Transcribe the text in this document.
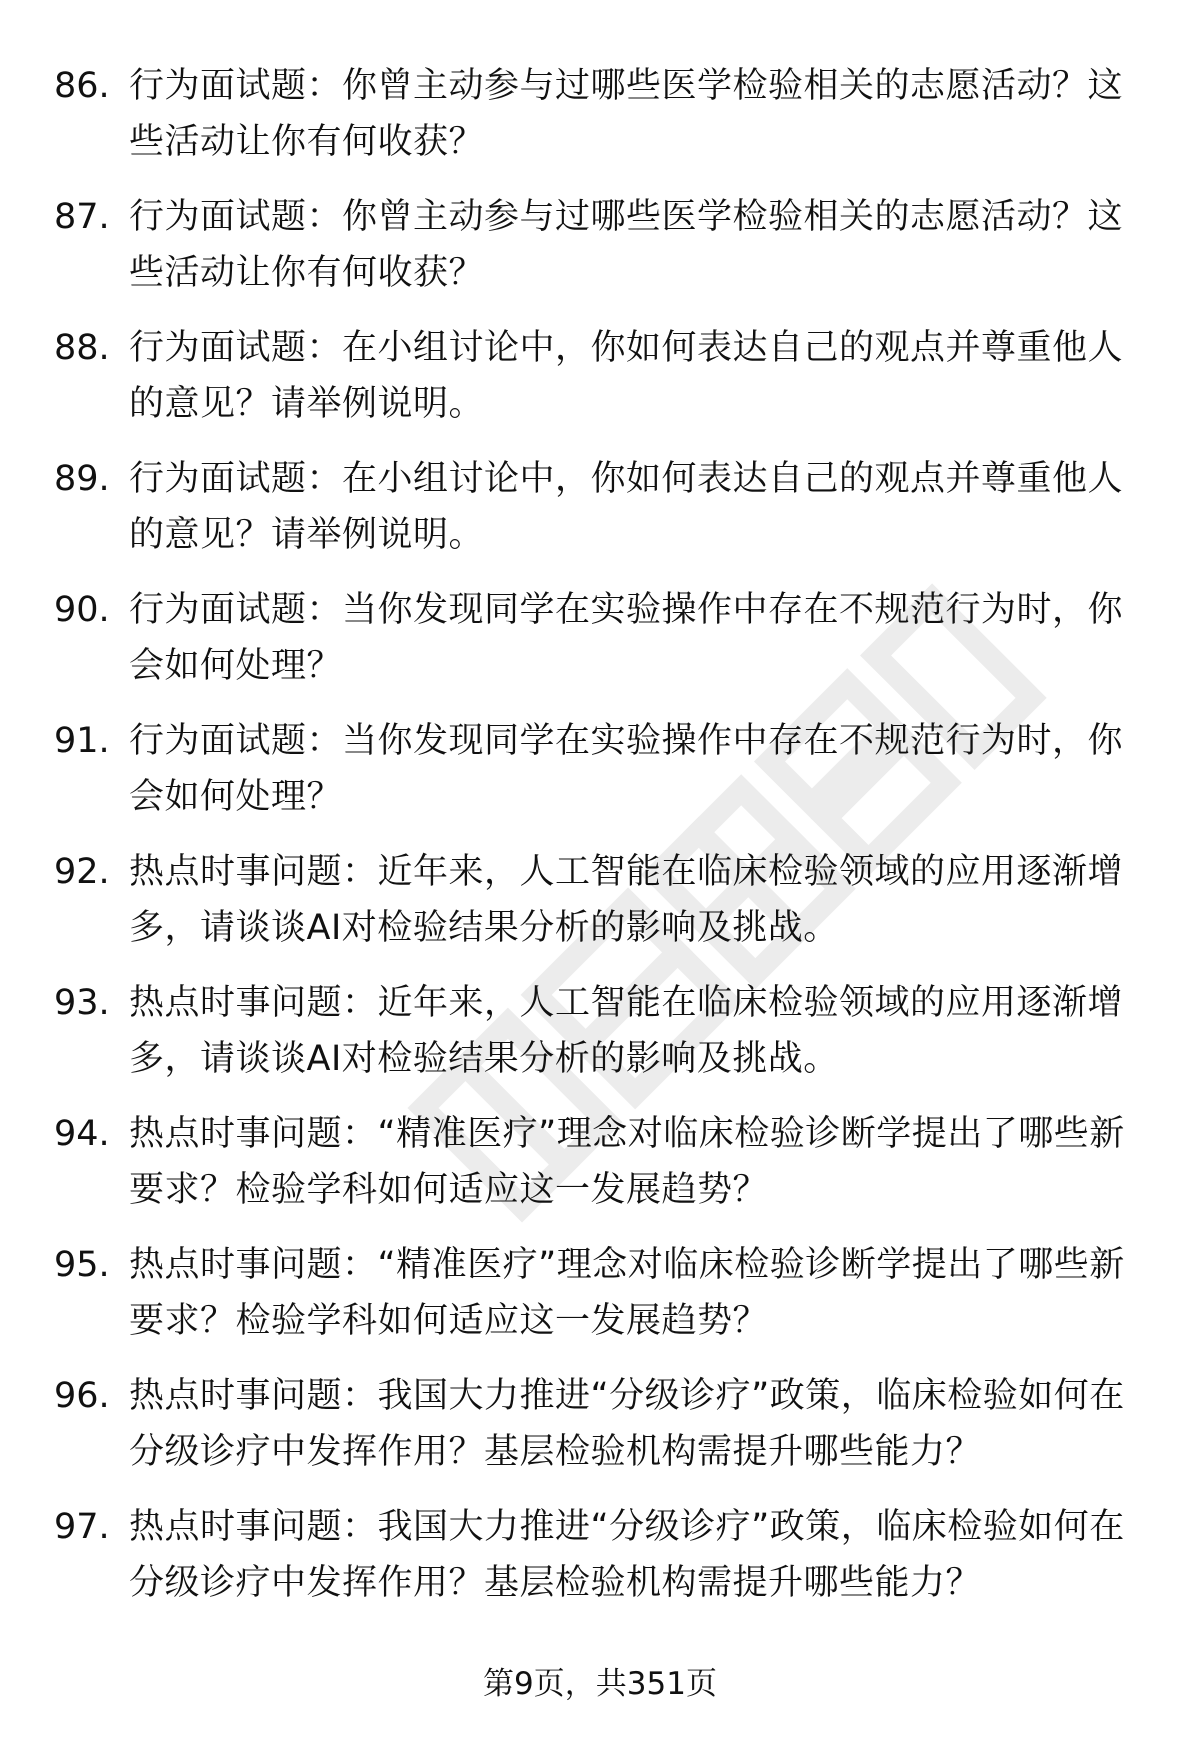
86. 行为面试题：你曾主动参与过哪些医学检验相关的志愿活动？这些活动让你有何收获？
87. 行为面试题：你曾主动参与过哪些医学检验相关的志愿活动？这些活动让你有何收获？
88. 行为面试题：在小组讨论中，你如何表达自己的观点并尊重他人的意见？请举例说明。
89. 行为面试题：在小组讨论中，你如何表达自己的观点并尊重他人的意见？请举例说明。
90. 行为面试题：当你发现同学在实验操作中存在不规范行为时，你会如何处理？
91. 行为面试题：当你发现同学在实验操作中存在不规范行为时，你会如何处理？
92. 热点时事问题：近年来，人工智能在临床检验领域的应用逐渐增多，请谈谈AI对检验结果分析的影响及挑战。
93. 热点时事问题：近年来，人工智能在临床检验领域的应用逐渐增多，请谈谈AI对检验结果分析的影响及挑战。
94. 热点时事问题：“精准医疗”理念对临床检验诊断学提出了哪些新要求？检验学科如何适应这一发展趋势？
95. 热点时事问题：“精准医疗”理念对临床检验诊断学提出了哪些新要求？检验学科如何适应这一发展趋势？
96. 热点时事问题：我国大力推进“分级诊疗”政策，临床检验如何在分级诊疗中发挥作用？基层检验机构需提升哪些能力？
97. 热点时事问题：我国大力推进“分级诊疗”政策，临床检验如何在分级诊疗中发挥作用？基层检验机构需提升哪些能力？
第9页，共351页
